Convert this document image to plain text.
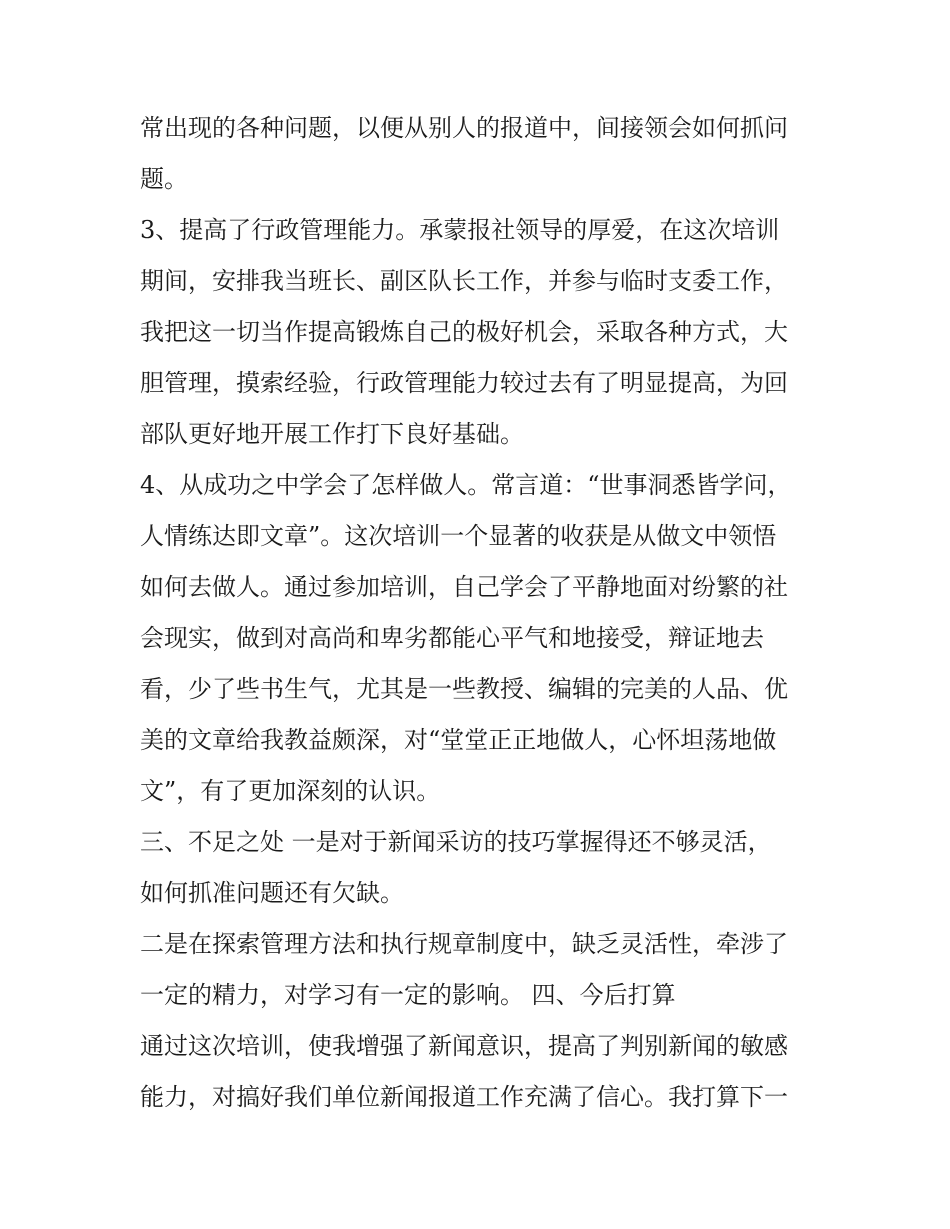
常出现的各种问题，以便从别人的报道中，间接领会如何抓问
题。
3、提高了行政管理能力。承蒙报社领导的厚爱，在这次培训
期间，安排我当班长、副区队长工作，并参与临时支委工作，
我把这一切当作提高锻炼自己的极好机会，采取各种方式，大
胆管理，摸索经验，行政管理能力较过去有了明显提高，为回
部队更好地开展工作打下良好基础。
4、从成功之中学会了怎样做人。常言道：“世事洞悉皆学问，
人情练达即文章”。这次培训一个显著的收获是从做文中领悟
如何去做人。通过参加培训，自己学会了平静地面对纷繁的社
会现实，做到对高尚和卑劣都能心平气和地接受，辩证地去
看，少了些书生气，尤其是一些教授、编辑的完美的人品、优
美的文章给我教益颇深，对“堂堂正正地做人，心怀坦荡地做
文”，有了更加深刻的认识。
三、不足之处 一是对于新闻采访的技巧掌握得还不够灵活，
如何抓准问题还有欠缺。
二是在探索管理方法和执行规章制度中，缺乏灵活性，牵涉了
一定的精力，对学习有一定的影响。 四、今后打算
通过这次培训，使我增强了新闻意识，提高了判别新闻的敏感
能力，对搞好我们单位新闻报道工作充满了信心。我打算下一
